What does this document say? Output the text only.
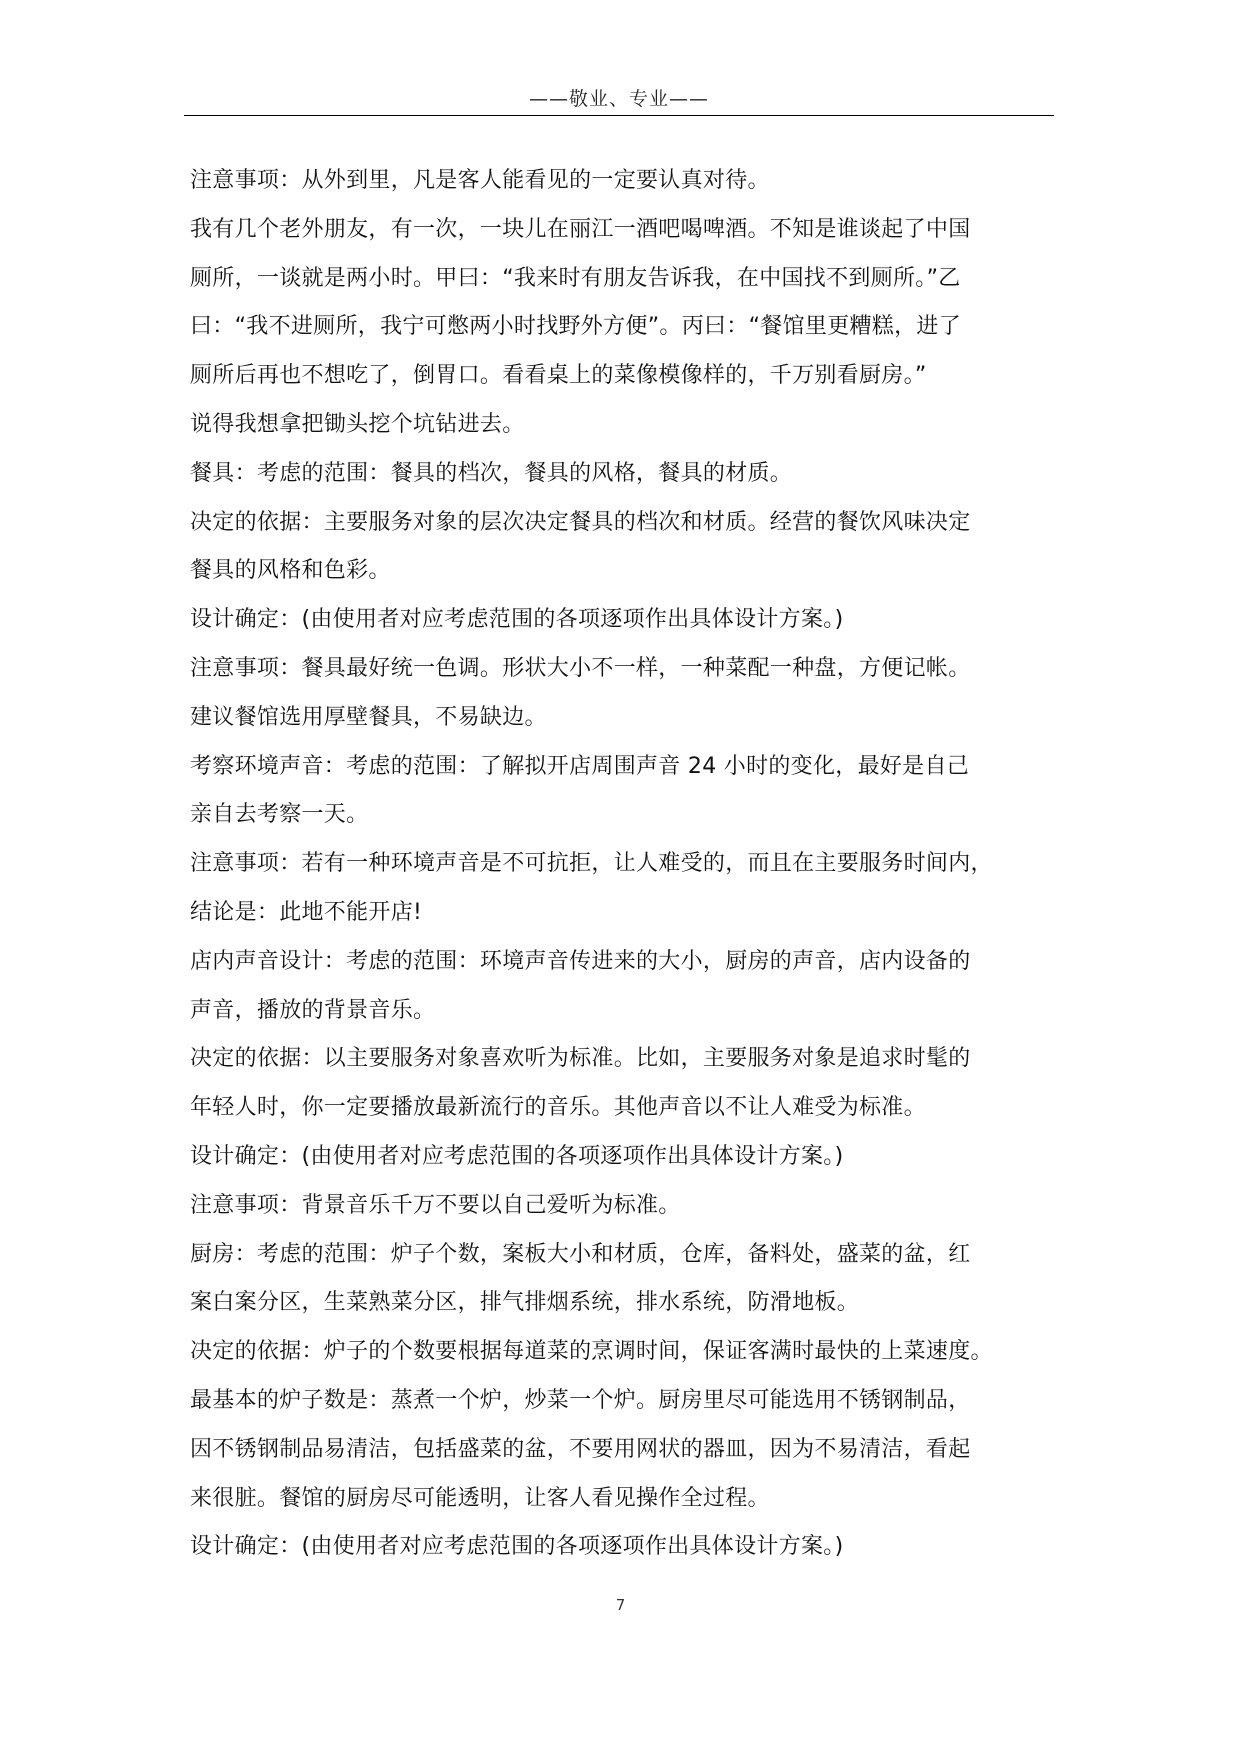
——敬业、专业——
注意事项：从外到里，凡是客人能看见的一定要认真对待。
我有几个老外朋友，有一次，一块儿在丽江一酒吧喝啤酒。不知是谁谈起了中国
厕所，一谈就是两小时。甲曰：“我来时有朋友告诉我，在中国找不到厕所。”乙
曰：“我不进厕所，我宁可憋两小时找野外方便”。丙曰：“餐馆里更糟糕，进了
厕所后再也不想吃了，倒胃口。看看桌上的菜像模像样的，千万别看厨房。”
说得我想拿把锄头挖个坑钻进去。
餐具：考虑的范围：餐具的档次，餐具的风格，餐具的材质。
决定的依据：主要服务对象的层次决定餐具的档次和材质。经营的餐饮风味决定
餐具的风格和色彩。
设计确定：(由使用者对应考虑范围的各项逐项作出具体设计方案。)
注意事项：餐具最好统一色调。形状大小不一样，一种菜配一种盘，方便记帐。
建议餐馆选用厚壁餐具，不易缺边。
考察环境声音：考虑的范围：了解拟开店周围声音 24 小时的变化，最好是自己
亲自去考察一天。
注意事项：若有一种环境声音是不可抗拒，让人难受的，而且在主要服务时间内，
结论是：此地不能开店!
店内声音设计：考虑的范围：环境声音传进来的大小，厨房的声音，店内设备的
声音，播放的背景音乐。
决定的依据：以主要服务对象喜欢听为标准。比如，主要服务对象是追求时髦的
年轻人时，你一定要播放最新流行的音乐。其他声音以不让人难受为标准。
设计确定：(由使用者对应考虑范围的各项逐项作出具体设计方案。)
注意事项：背景音乐千万不要以自己爱听为标准。
厨房：考虑的范围：炉子个数，案板大小和材质，仓库，备料处，盛菜的盆，红
案白案分区，生菜熟菜分区，排气排烟系统，排水系统，防滑地板。
决定的依据：炉子的个数要根据每道菜的烹调时间，保证客满时最快的上菜速度。
最基本的炉子数是：蒸煮一个炉，炒菜一个炉。厨房里尽可能选用不锈钢制品，
因不锈钢制品易清洁，包括盛菜的盆，不要用网状的器皿，因为不易清洁，看起
来很脏。餐馆的厨房尽可能透明，让客人看见操作全过程。
设计确定：(由使用者对应考虑范围的各项逐项作出具体设计方案。)
7
